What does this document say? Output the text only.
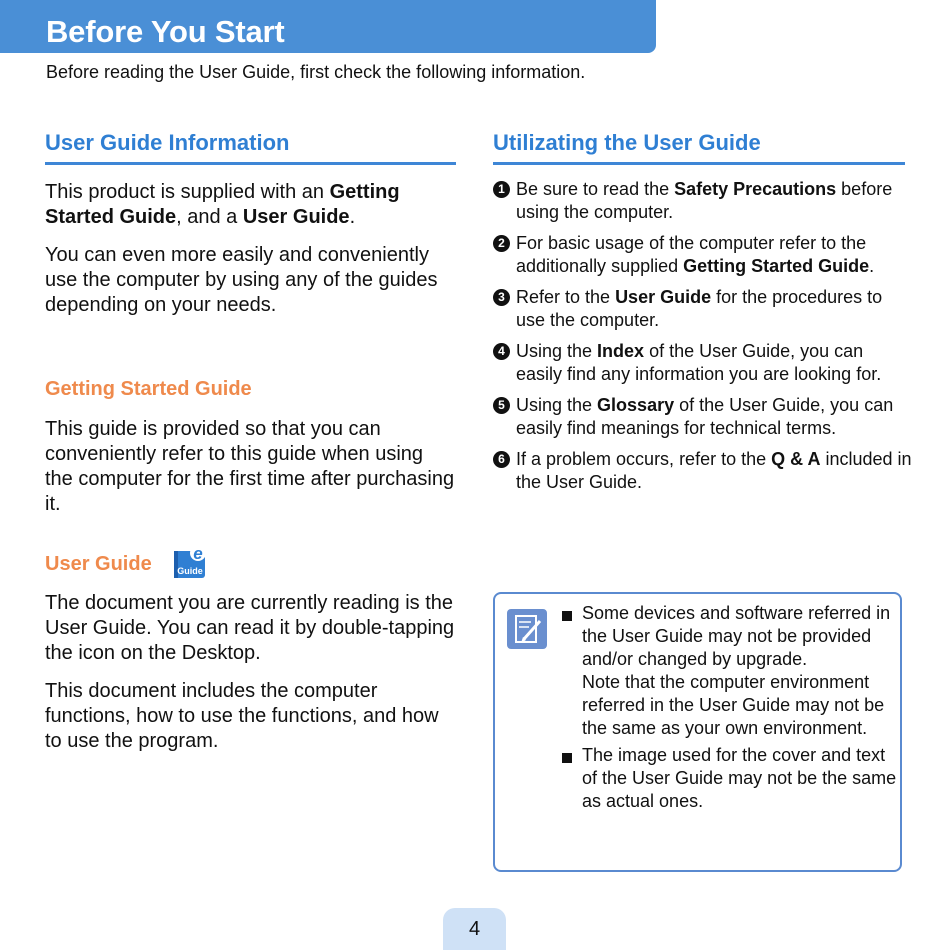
Before You Start
Before reading the User Guide, first check the following information.
User Guide Information

This product is supplied with an Getting Started Guide, and a User Guide.

You can even more easily and conveniently use the computer by using any of the guides depending on your needs.

Getting Started Guide

This guide is provided so that you can conveniently refer to this guide when using the computer for the first time after purchasing it.

User Guide e
Guide

The document you are currently reading is the User Guide. You can read it by double-tapping the icon on the Desktop.

This document includes the computer functions, how to use the functions, and how to use the program.

Utilizating the User Guide
1 Be sure to read the Safety Precautions before using the computer.
2 For basic usage of the computer refer to the additionally supplied Getting Started Guide.
3 Refer to the User Guide for the procedures to use the computer.
4 Using the Index of the User Guide, you can easily find any information you are looking for.
5 Using the Glossary of the User Guide, you can easily find meanings for technical terms.
6 If a problem occurs, refer to the Q & A included in the User Guide.
Some devices and software referred in the User Guide may not be provided and/or changed by upgrade.
Note that the computer environment referred in the User Guide may not be the same as your own environment.
The image used for the cover and text of the User Guide may not be the same as actual ones.
4
